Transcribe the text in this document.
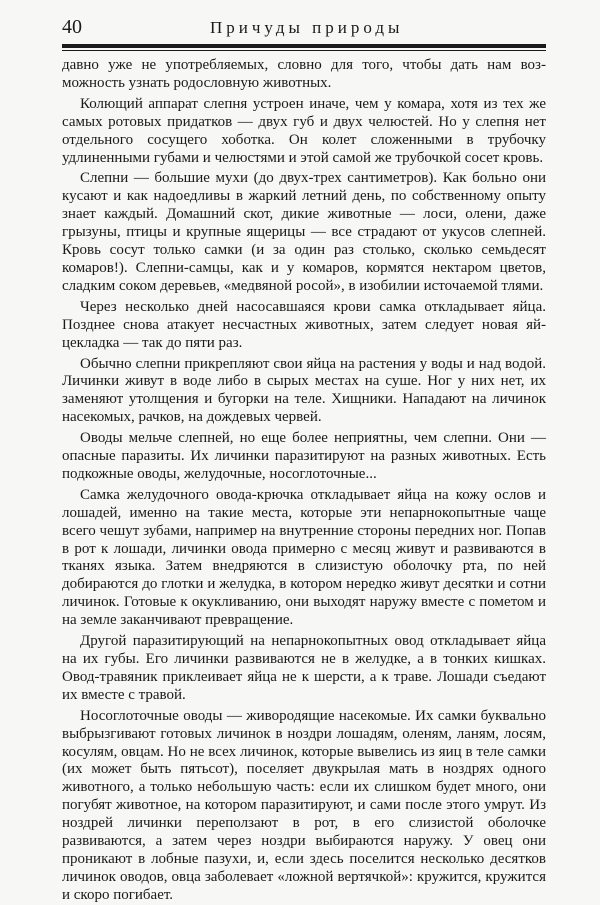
40	Причуды природы

давно уже не употребляемых, словно для того, чтобы дать нам возможность узнать родословную животных.

Колющий аппарат слепня устроен иначе, чем у комара, хотя из тех же самых ротовых придатков — двух губ и двух челюстей. Но у слепня нет отдельного сосущего хоботка. Он колет сложенными в трубочку удлиненными губами и челюстями и этой самой же трубочкой сосет кровь.

Слепни — большие мухи (до двух-трех сантиметров). Как больно они кусают и как надоедливы в жаркий летний день, по собственному опыту знает каждый. Домашний скот, дикие животные — лоси, олени, даже грызуны, птицы и крупные ящерицы — все страдают от укусов слепней. Кровь сосут только самки (и за один раз столько, сколько семьдесят комаров!). Слепни-самцы, как и у комаров, кормятся нектаром цветов, сладким соком деревьев, «медвяной росой», в изобилии источаемой тлями.

Через несколько дней насосавшаяся крови самка откладывает яйца. Позднее снова атакует несчастных животных, затем следует новая яйцекладка — так до пяти раз.

Обычно слепни прикрепляют свои яйца на растения у воды и над водой. Личинки живут в воде либо в сырых местах на суше. Ног у них нет, их заменяют утолщения и бугорки на теле. Хищники. Нападают на личинок насекомых, рачков, на дождевых червей.

Оводы мельче слепней, но еще более неприятны, чем слепни. Они — опасные паразиты. Их личинки паразитируют на разных животных. Есть подкожные оводы, желудочные, носоглоточные...

Самка желудочного овода-крючка откладывает яйца на кожу ослов и лошадей, именно на такие места, которые эти непарнокопытные чаще всего чешут зубами, например на внутренние стороны передних ног. Попав в рот к лошади, личинки овода примерно с месяц живут и развиваются в тканях языка. Затем внедряются в слизистую оболочку рта, по ней добираются до глотки и желудка, в котором нередко живут десятки и сотни личинок. Готовые к окукливанию, они выходят наружу вместе с пометом и на земле заканчивают превращение.

Другой паразитирующий на непарнокопытных овод откладывает яйца на их губы. Его личинки развиваются не в желудке, а в тонких кишках. Овод-травяник приклеивает яйца не к шерсти, а к траве. Лошади съедают их вместе с травой.

Носоглоточные оводы — живородящие насекомые. Их самки буквально выбрызгивают готовых личинок в ноздри лошадям, оленям, ланям, лосям, косулям, овцам. Но не всех личинок, которые вывелись из яиц в теле самки (их может быть пятьсот), поселяет двукрылая мать в ноздрях одного животного, а только небольшую часть: если их слишком будет много, они погубят животное, на котором паразитируют, и сами после этого умрут. Из ноздрей личинки переползают в рот, в его слизистой оболочке развиваются, а затем через ноздри выбираются наружу. У овец они проникают в лобные пазухи, и, если здесь поселится несколько десятков личинок оводов, овца заболевает «ложной вертячкой»: кружится, кружится и скоро погибает.
